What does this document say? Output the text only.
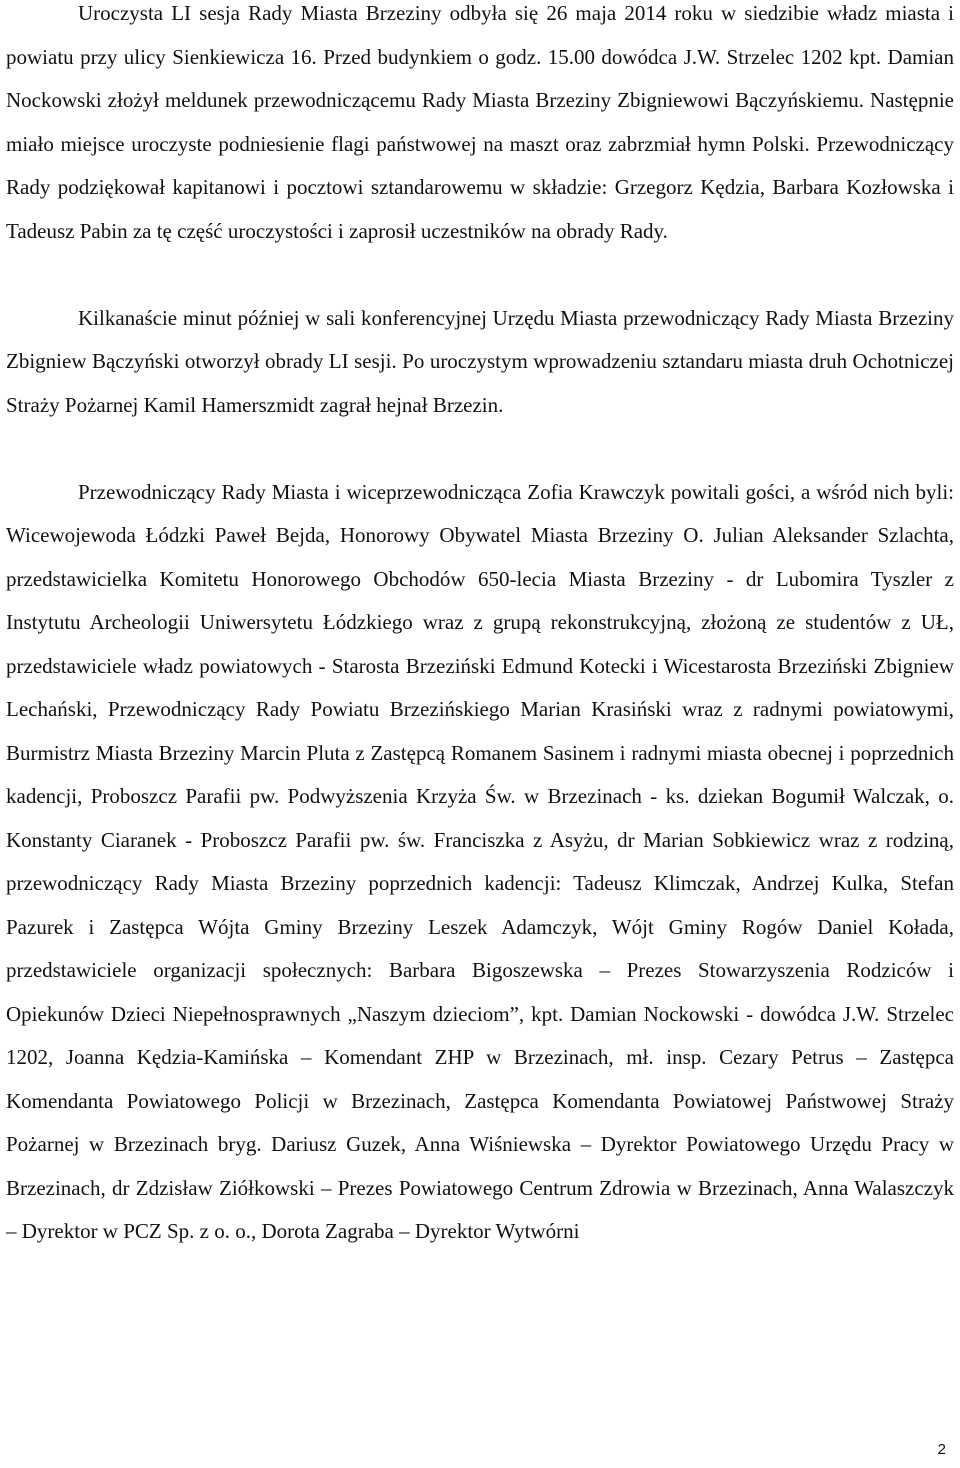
Uroczysta LI sesja Rady Miasta Brzeziny odbyła się 26 maja 2014 roku w siedzibie władz miasta i powiatu przy ulicy Sienkiewicza 16. Przed budynkiem o godz. 15.00 dowódca J.W. Strzelec 1202 kpt. Damian Nockowski złożył meldunek przewodniczącemu Rady Miasta Brzeziny Zbigniewowi Bączyńskiemu. Następnie miało miejsce uroczyste podniesienie flagi państwowej na maszt oraz zabrzmiał hymn Polski. Przewodniczący Rady podziękował kapitanowi i pocztowi sztandarowemu w składzie: Grzegorz Kędzia, Barbara Kozłowska i Tadeusz Pabin za tę część uroczystości i zaprosił uczestników na obrady Rady.

Kilkanaście minut później w sali konferencyjnej Urzędu Miasta przewodniczący Rady Miasta Brzeziny Zbigniew Bączyński otworzył obrady LI sesji. Po uroczystym wprowadzeniu sztandaru miasta druh Ochotniczej Straży Pożarnej Kamil Hamerszmidt zagrał hejnał Brzezin.

Przewodniczący Rady Miasta i wiceprzewodnicząca Zofia Krawczyk powitali gości, a wśród nich byli: Wicewojewoda Łódzki Paweł Bejda, Honorowy Obywatel Miasta Brzeziny O. Julian Aleksander Szlachta, przedstawicielka Komitetu Honorowego Obchodów 650-lecia Miasta Brzeziny - dr Lubomira Tyszler z Instytutu Archeologii Uniwersytetu Łódzkiego wraz z grupą rekonstrukcyjną, złożoną ze studentów z UŁ, przedstawiciele władz powiatowych - Starosta Brzeziński Edmund Kotecki i Wicestarosta Brzeziński Zbigniew Lechański, Przewodniczący Rady Powiatu Brzezińskiego Marian Krasiński wraz z radnymi powiatowymi, Burmistrz Miasta Brzeziny Marcin Pluta z Zastępcą Romanem Sasinem i radnymi miasta obecnej i poprzednich kadencji, Proboszcz Parafii pw. Podwyższenia Krzyża Św. w Brzezinach - ks. dziekan Bogumił Walczak, o. Konstanty Ciaranek - Proboszcz Parafii pw. św. Franciszka z Asyżu, dr Marian Sobkiewicz wraz z rodziną, przewodniczący Rady Miasta Brzeziny poprzednich kadencji: Tadeusz Klimczak, Andrzej Kulka, Stefan Pazurek i Zastępca Wójta Gminy Brzeziny Leszek Adamczyk, Wójt Gminy Rogów Daniel Kołada, przedstawiciele organizacji społecznych: Barbara Bigoszewska – Prezes Stowarzyszenia Rodziców i Opiekunów Dzieci Niepełnosprawnych „Naszym dzieciom”, kpt. Damian Nockowski - dowódca J.W. Strzelec 1202, Joanna Kędzia-Kamińska – Komendant ZHP w Brzezinach, mł. insp. Cezary Petrus – Zastępca Komendanta Powiatowego Policji w Brzezinach, Zastępca Komendanta Powiatowej Państwowej Straży Pożarnej w Brzezinach bryg. Dariusz Guzek, Anna Wiśniewska – Dyrektor Powiatowego Urzędu Pracy w Brzezinach, dr Zdzisław Ziółkowski – Prezes Powiatowego Centrum Zdrowia w Brzezinach, Anna Walaszczyk – Dyrektor w PCZ Sp. z o. o., Dorota Zagraba – Dyrektor Wytwórni

2
